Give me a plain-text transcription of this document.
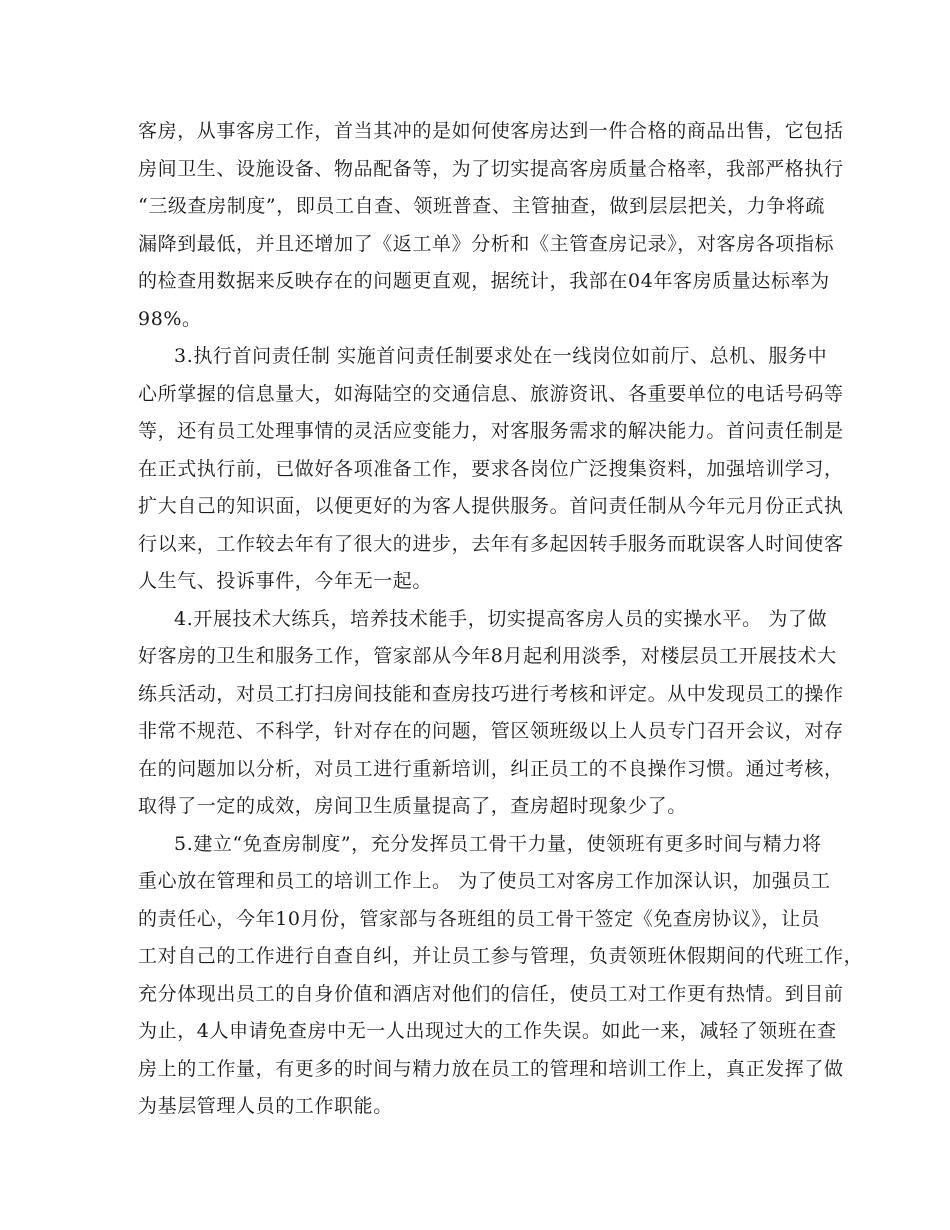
客房，从事客房工作，首当其冲的是如何使客房达到一件合格的商品出售，它包括
房间卫生、设施设备、物品配备等，为了切实提高客房质量合格率，我部严格执行
“三级查房制度”，即员工自查、领班普查、主管抽查，做到层层把关，力争将疏
漏降到最低，并且还增加了《返工单》分析和《主管查房记录》，对客房各项指标
的检查用数据来反映存在的问题更直观，据统计，我部在04年客房质量达标率为
98%。
3.执行首问责任制 实施首问责任制要求处在一线岗位如前厅、总机、服务中
心所掌握的信息量大，如海陆空的交通信息、旅游资讯、各重要单位的电话号码等
等，还有员工处理事情的灵活应变能力，对客服务需求的解决能力。首问责任制是
在正式执行前，已做好各项准备工作，要求各岗位广泛搜集资料，加强培训学习，
扩大自己的知识面，以便更好的为客人提供服务。首问责任制从今年元月份正式执
行以来，工作较去年有了很大的进步，去年有多起因转手服务而耽误客人时间使客
人生气、投诉事件，今年无一起。
4.开展技术大练兵，培养技术能手，切实提高客房人员的实操水平。 为了做
好客房的卫生和服务工作，管家部从今年8月起利用淡季，对楼层员工开展技术大
练兵活动，对员工打扫房间技能和查房技巧进行考核和评定。从中发现员工的操作
非常不规范、不科学，针对存在的问题，管区领班级以上人员专门召开会议，对存
在的问题加以分析，对员工进行重新培训，纠正员工的不良操作习惯。通过考核，
取得了一定的成效，房间卫生质量提高了，查房超时现象少了。
5.建立“免查房制度”，充分发挥员工骨干力量，使领班有更多时间与精力将
重心放在管理和员工的培训工作上。 为了使员工对客房工作加深认识，加强员工
的责任心，今年10月份，管家部与各班组的员工骨干签定《免查房协议》，让员
工对自己的工作进行自查自纠，并让员工参与管理，负责领班休假期间的代班工作，
充分体现出员工的自身价值和酒店对他们的信任，使员工对工作更有热情。到目前
为止，4人申请免查房中无一人出现过大的工作失误。如此一来，减轻了领班在查
房上的工作量，有更多的时间与精力放在员工的管理和培训工作上，真正发挥了做
为基层管理人员的工作职能。
